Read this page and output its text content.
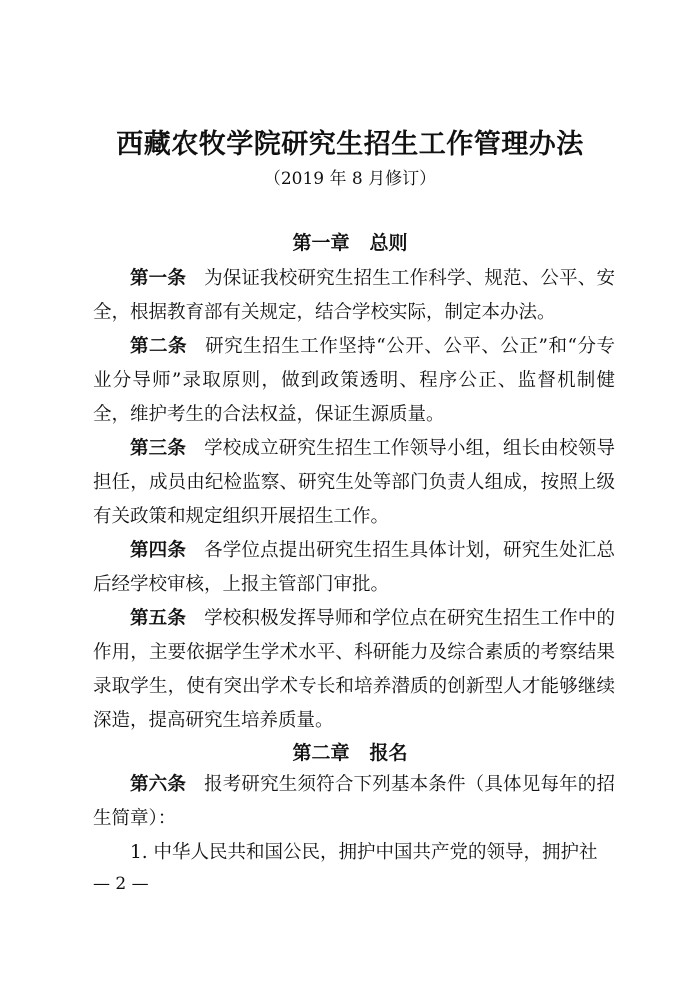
西藏农牧学院研究生招生工作管理办法
（2019 年 8 月修订）
第一章 总则

第一条 为保证我校研究生招生工作科学、规范、公平、安全，根据教育部有关规定，结合学校实际，制定本办法。

第二条 研究生招生工作坚持“公开、公平、公正”和“分专业分导师”录取原则，做到政策透明、程序公正、监督机制健全，维护考生的合法权益，保证生源质量。

第三条 学校成立研究生招生工作领导小组，组长由校领导担任，成员由纪检监察、研究生处等部门负责人组成，按照上级有关政策和规定组织开展招生工作。

第四条 各学位点提出研究生招生具体计划，研究生处汇总后经学校审核，上报主管部门审批。

第五条 学校积极发挥导师和学位点在研究生招生工作中的作用，主要依据学生学术水平、科研能力及综合素质的考察结果录取学生，使有突出学术专长和培养潜质的创新型人才能够继续深造，提高研究生培养质量。

第二章 报名

第六条 报考研究生须符合下列基本条件（具体见每年的招生简章）：

1. 中华人民共和国公民，拥护中国共产党的领导，拥护社

— 2 —
